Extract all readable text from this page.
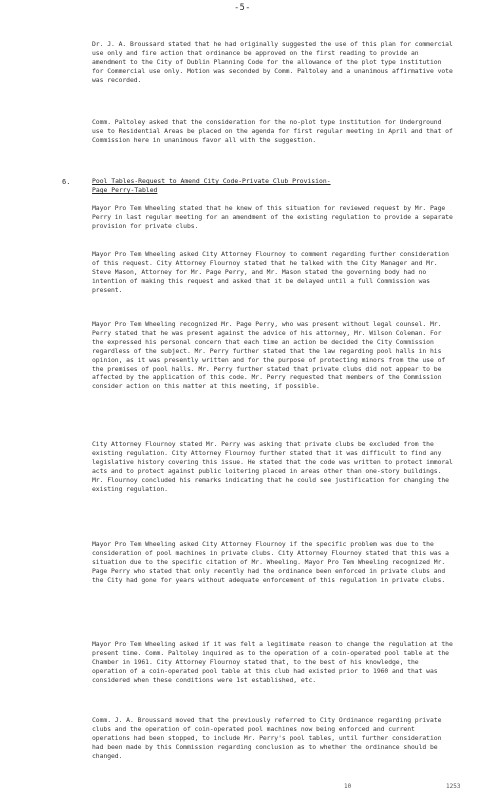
-5-

Dr. J. A. Broussard stated that he had originally suggested the use of this plan for commercial use only and fire action that ordinance be approved on the first reading to provide an amendment to the City of Dublin Planning Code for the allowance of the plot type institution for Commercial use only. Motion was seconded by Comm. Paltoley and a unanimous affirmative vote was recorded.

Comm. Paltoley asked that the consideration for the no-plot type institution for Underground use to Residential Areas be placed on the agenda for first regular meeting in April and that of Commission here in unanimous favor all with the suggestion.

6.	Pool Tables-Request to Amend City Code-Private Club Provision-
Page Perry-Tabled

Mayor Pro Tem Wheeling stated that he knew of this situation for reviewed request by Mr. Page Perry in last regular meeting for an amendment of the existing regulation to provide a separate provision for private clubs.

Mayor Pro Tem Wheeling asked City Attorney Flournoy to comment regarding further consideration of this request. City Attorney Flournoy stated that he talked with the City Manager and Mr. Steve Mason, Attorney for Mr. Page Perry, and Mr. Mason stated the governing body had no intention of making this request and asked that it be delayed until a full Commission was present.

Mayor Pro Tem Wheeling recognized Mr. Page Perry, who was present without legal counsel. Mr. Perry stated that he was present against the advice of his attorney, Mr. Wilson Coleman. For the expressed his personal concern that each time an action be decided the City Commission regardless of the subject. Mr. Perry further stated that the law regarding pool halls in his opinion, as it was presently written and for the purpose of protecting minors from the use of the premises of pool halls. Mr. Perry further stated that private clubs did not appear to be affected by the application of this code. Mr. Perry requested that members of the Commission consider action on this matter at this meeting, if possible.

City Attorney Flournoy stated Mr. Perry was asking that private clubs be excluded from the existing regulation. City Attorney Flournoy further stated that it was difficult to find any legislative history covering this issue. He stated that the code was written to protect immoral acts and to protect against public loitering placed in areas other than one-story buildings. Mr. Flournoy concluded his remarks indicating that he could see justification for changing the existing regulation.

Mayor Pro Tem Wheeling asked City Attorney Flournoy if the specific problem was due to the consideration of pool machines in private clubs. City Attorney Flournoy stated that this was a situation due to the specific citation of Mr. Wheeling. Mayor Pro Tem Wheeling recognized Mr. Page Perry who stated that only recently had the ordinance been enforced in private clubs and the City had gone for years without adequate enforcement of this regulation in private clubs.

Mayor Pro Tem Wheeling asked if it was felt a legitimate reason to change the regulation at the present time. Comm. Paltoley inquired as to the operation of a coin-operated pool table at the Chamber in 1961. City Attorney Flournoy stated that, to the best of his knowledge, the operation of a coin-operated pool table at this club had existed prior to 1960 and that was considered when these conditions were 1st established, etc.

Comm. J. A. Broussard moved that the previously referred to City Ordinance regarding private clubs and the operation of coin-operated pool machines now being enforced and current operations had been stopped, to include Mr. Perry's pool tables, until further consideration had been made by this Commission regarding conclusion as to whether the ordinance should be changed.

10	1253
